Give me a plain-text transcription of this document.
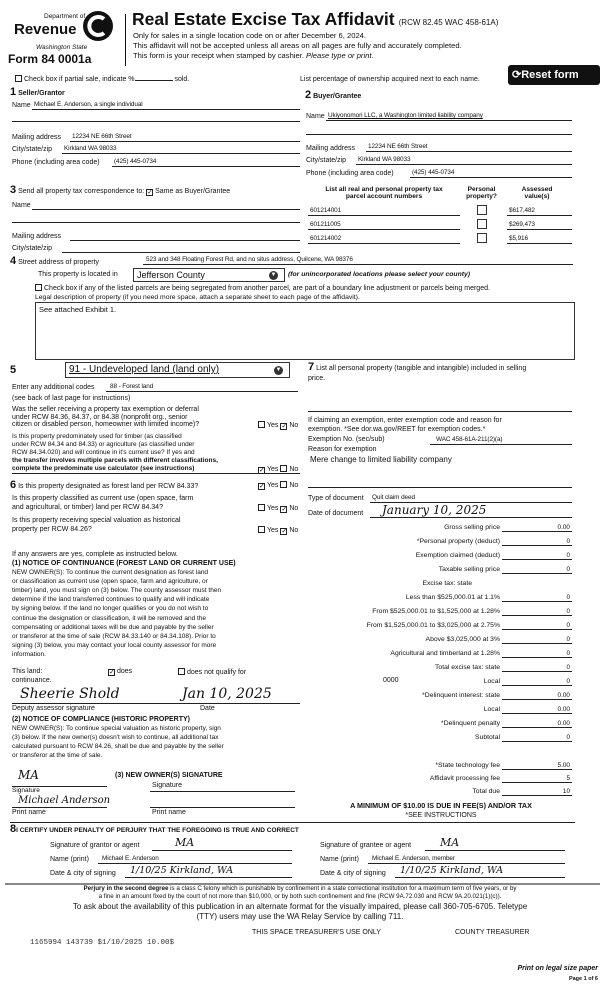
Department of
Revenue
Washington State
Form 84 0001a
Real Estate Excise Tax Affidavit (RCW 82.45 WAC 458-61A)
Only for sales in a single location code on or after December 6, 2024.
This affidavit will not be accepted unless all areas on all pages are fully and accurately completed.
This form is your receipt when stamped by cashier. Please type or print.
Check box if partial sale, indicate %	sold.	List percentage of ownership acquired next to each name.	⟳Reset form
1 Seller/Grantor
Name Michael E. Anderson, a single individual
Mailing address 12234 NE 66th Street
City/state/zip Kirkland WA 98033
Phone (including area code) (425) 445-0734
2 Buyer/Grantee
Name Ukiyonomori LLC, a Washington limited liability company
Mailing address 12234 NE 66th Street
City/state/zip Kirkland WA 98033
Phone (including area code)	(425) 445-0734
3 Send all property tax correspondence to: ✓ Same as Buyer/Grantee
Name
Mailing address
City/state/zip
List all real and personal property tax
parcel account numbers
Personal
property?
Assessed
value(s)
601214001	$617,482
601211005	$269,473
601214002	$5,916
4 Street address of property	523 and 348 Floating Forest Rd, and no situs address, Quilcene, WA 98376
This property is located in	Jefferson County	▼ (for unincorporated locations please select your county)
Check box if any of the listed parcels are being segregated from another parcel, are part of a boundary line adjustment or parcels being merged.
Legal description of property (if you need more space, attach a separate sheet to each page of the affidavit).
See attached Exhibit 1.
5	91 - Undeveloped land (land only)	▼
Enter any additional codes 88 - Forest land
(see back of last page for instructions)
Was the seller receiving a property tax exemption or deferral
under RCW 84.36, 84.37, or 84.38 (nonprofit org., senior
citizen or disabled person, homeowner with limited income)?	Yes ✓ No
Is this property predominately used for timber (as classified
under RCW 84.34 and 84.33) or agriculture (as classified under
RCW 84.34.020) and will continue in it's current use? If yes and
the transfer involves multiple parcels with different classifications,
complete the predominate use calculator (see instructions)	✓ Yes No
6 Is this property designated as forest land per RCW 84.33?	✓ Yes No
Is this property classified as current use (open space, farm
and agricultural, or timber) land per RCW 84.34?	Yes ✓ No
Is this property receiving special valuation as historical
property per RCW 84.26?	Yes ✓ No
If any answers are yes, complete as instructed below.
(1) NOTICE OF CONTINUANCE (FOREST LAND OR CURRENT USE)
NEW OWNER(S): To continue the current designation as forest land
or classification as current use (open space, farm and agriculture, or
timber) land, you must sign on (3) below. The county assessor must then
determine if the land transferred continues to qualify and will indicate
by signing below. If the land no longer qualifies or you do not wish to
continue the designation or classification, it will be removed and the
compensating or additional taxes will be due and payable by the seller
or transferor at the time of sale (RCW 84.33.140 or 84.34.108). Prior to
signing (3) below, you may contact your local county assessor for more
information.
This land:	✓ does	does not qualify for
continuance.
Sheerie Shold	Jan 10, 2025
Deputy assessor signature	Date
(2) NOTICE OF COMPLIANCE (HISTORIC PROPERTY)
NEW OWNER(S): To continue special valuation as historic property, sign
(3) below. If the new owner(s) doesn't wish to continue, all additional tax
calculated pursuant to RCW 84.26, shall be due and payable by the seller
or transferor at the time of sale.
MA	(3) NEW OWNER(S) SIGNATURE
Signature
Signature
Michael Anderson
Print name	Print name
7 List all personal property (tangible and intangible) included in selling
price.
If claiming an exemption, enter exemption code and reason for
exemption. *See dor.wa.gov/REET for exemption codes.*
Exemption No. (sec/sub)	WAC 458-61A-211(2)(a)
Reason for exemption
Mere change to limited liability company
Type of document Quit claim deed
Date of document January 10, 2025
Gross selling price	0.00
*Personal property (deduct)	0
Exemption claimed (deduct)	0
Taxable selling price	0
Excise tax: state
Less than $525,000.01 at 1.1%	0
From $525,000.01 to $1,525,000 at 1.28%	0
From $1,525,000.01 to $3,025,000 at 2.75%	0
Above $3,025,000 at 3%	0
Agricultural and timberland at 1.28%	0
Total excise tax: state	0
Local	0
*Delinquent interest: state	0.00
Local	0.00
*Delinquent penalty	0.00
Subtotal	0
*State technology fee	5.00
Affidavit processing fee	5
Total due	10
0000
A MINIMUM OF $10.00 IS DUE IN FEE(S) AND/OR TAX
*SEE INSTRUCTIONS
8I CERTIFY UNDER PENALTY OF PERJURY THAT THE FOREGOING IS TRUE AND CORRECT
Signature of grantor or agent	MA
Name (print) Michael E. Anderson
Date & city of signing 1/10/25 Kirkland, WA
Signature of grantee or agent	MA
Name (print) Michael E. Anderson, member
Date & city of signing 1/10/25 Kirkland, WA
Perjury in the second degree is a class C felony which is punishable by confinement in a state correctional institution for a maximum term of five years, or by
a fine in an amount fixed by the court of not more than $10,000, or by both such confinement and fine (RCW 9A.72.030 and RCW 9A.20.021(1)(c)).
To ask about the availability of this publication in an alternate format for the visually impaired, please call 360-705-6705. Teletype
(TTY) users may use the WA Relay Service by calling 711.
THIS SPACE TREASURER'S USE ONLY	COUNTY TREASURER
1165994 143739 $1/10/2025 10.00$
Print on legal size paper
Page 1 of 6
